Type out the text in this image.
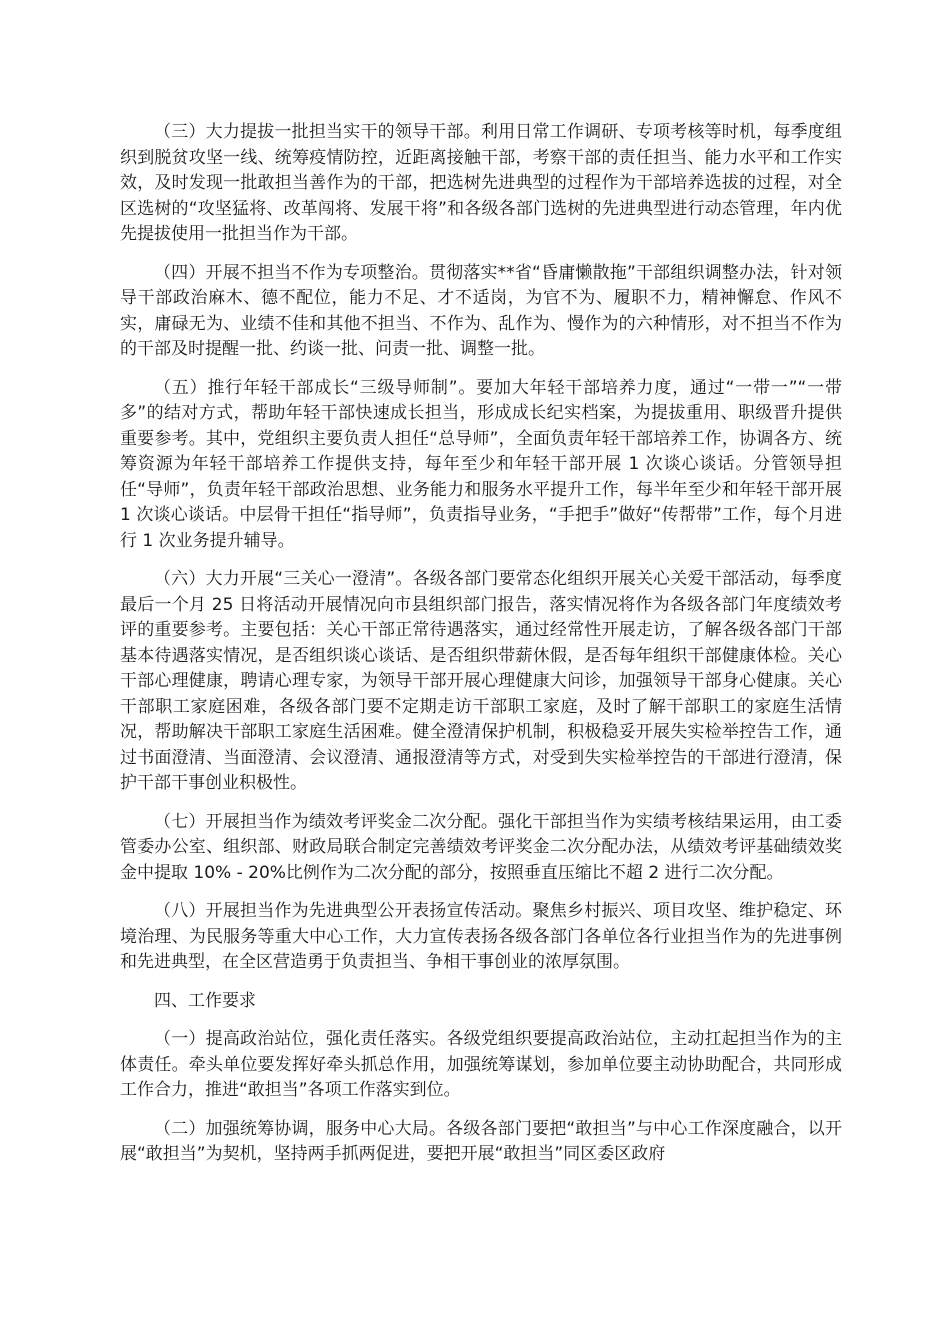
（三）大力提拔一批担当实干的领导干部。利用日常工作调研、专项考核等时机，每季度组织到脱贫攻坚一线、统筹疫情防控，近距离接触干部，考察干部的责任担当、能力水平和工作实效，及时发现一批敢担当善作为的干部，把选树先进典型的过程作为干部培养选拔的过程，对全区选树的“攻坚猛将、改革闯将、发展干将”和各级各部门选树的先进典型进行动态管理，年内优先提拔使用一批担当作为干部。

（四）开展不担当不作为专项整治。贯彻落实**省“昏庸懒散拖”干部组织调整办法，针对领导干部政治麻木、德不配位，能力不足、才不适岗，为官不为、履职不力，精神懈怠、作风不实，庸碌无为、业绩不佳和其他不担当、不作为、乱作为、慢作为的六种情形，对不担当不作为的干部及时提醒一批、约谈一批、问责一批、调整一批。

（五）推行年轻干部成长“三级导师制”。要加大年轻干部培养力度，通过“一带一”“一带多”的结对方式，帮助年轻干部快速成长担当，形成成长纪实档案，为提拔重用、职级晋升提供重要参考。其中，党组织主要负责人担任“总导师”，全面负责年轻干部培养工作，协调各方、统筹资源为年轻干部培养工作提供支持，每年至少和年轻干部开展 1 次谈心谈话。分管领导担任“导师”，负责年轻干部政治思想、业务能力和服务水平提升工作，每半年至少和年轻干部开展 1 次谈心谈话。中层骨干担任“指导师”，负责指导业务，“手把手”做好“传帮带”工作，每个月进行 1 次业务提升辅导。

（六）大力开展“三关心一澄清”。各级各部门要常态化组织开展关心关爱干部活动，每季度最后一个月 25 日将活动开展情况向市县组织部门报告，落实情况将作为各级各部门年度绩效考评的重要参考。主要包括：关心干部正常待遇落实，通过经常性开展走访，了解各级各部门干部基本待遇落实情况，是否组织谈心谈话、是否组织带薪休假，是否每年组织干部健康体检。关心干部心理健康，聘请心理专家，为领导干部开展心理健康大问诊，加强领导干部身心健康。关心干部职工家庭困难，各级各部门要不定期走访干部职工家庭，及时了解干部职工的家庭生活情况，帮助解决干部职工家庭生活困难。健全澄清保护机制，积极稳妥开展失实检举控告工作，通过书面澄清、当面澄清、会议澄清、通报澄清等方式，对受到失实检举控告的干部进行澄清，保护干部干事创业积极性。

（七）开展担当作为绩效考评奖金二次分配。强化干部担当作为实绩考核结果运用，由工委管委办公室、组织部、财政局联合制定完善绩效考评奖金二次分配办法，从绩效考评基础绩效奖金中提取 10% - 20%比例作为二次分配的部分，按照垂直压缩比不超 2 进行二次分配。

（八）开展担当作为先进典型公开表扬宣传活动。聚焦乡村振兴、项目攻坚、维护稳定、环境治理、为民服务等重大中心工作，大力宣传表扬各级各部门各单位各行业担当作为的先进事例和先进典型，在全区营造勇于负责担当、争相干事创业的浓厚氛围。

四、工作要求

（一）提高政治站位，强化责任落实。各级党组织要提高政治站位，主动扛起担当作为的主体责任。牵头单位要发挥好牵头抓总作用，加强统筹谋划，参加单位要主动协助配合，共同形成工作合力，推进“敢担当”各项工作落实到位。

（二）加强统筹协调，服务中心大局。各级各部门要把“敢担当”与中心工作深度融合，以开展“敢担当”为契机，坚持两手抓两促进，要把开展“敢担当”同区委区政府
